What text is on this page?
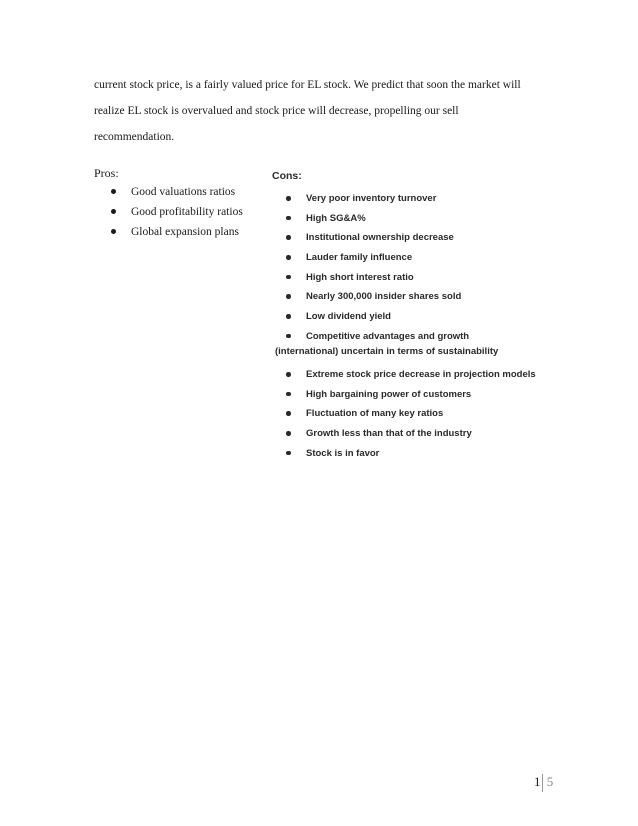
current stock price, is a fairly valued price for EL stock. We predict that soon the market will
realize EL stock is overvalued and stock price will decrease, propelling our sell
recommendation.

Pros:

Good valuations ratios
Good profitability ratios
Global expansion plans

Cons:

Very poor inventory turnover
High SG&A%
Institutional ownership decrease
Lauder family influence
High short interest ratio
Nearly 300,000 insider shares sold
Low dividend yield
Competitive advantages and growth

(international) uncertain in terms of sustainability

Extreme stock price decrease in projection models
High bargaining power of customers
Fluctuation of many key ratios
Growth less than that of the industry
Stock is in favor
1 5
